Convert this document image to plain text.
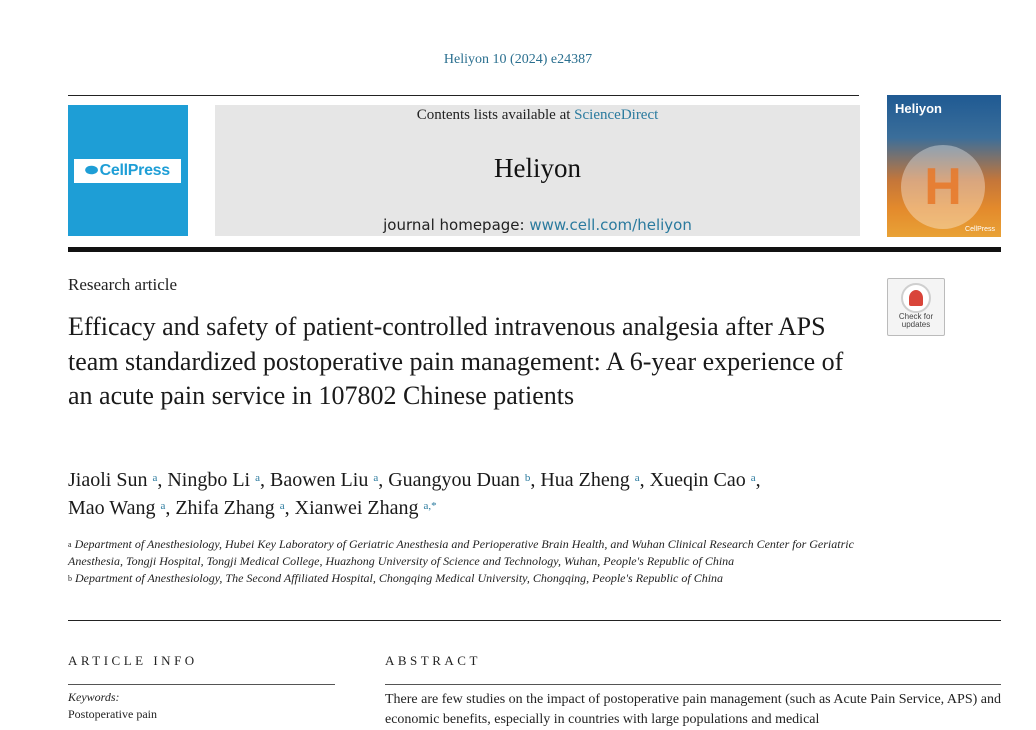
Heliyon 10 (2024) e24387
⬬ CellPress
Contents lists available at ScienceDirect
Heliyon
journal homepage: www.cell.com/heliyon
Heliyon
H
CellPress
Research article
Check for
updates
Efficacy and safety of patient-controlled intravenous analgesia after APS team standardized postoperative pain management: A 6-year experience of an acute pain service in 107802 Chinese patients
Jiaoli Sun $^a$, Ningbo Li $^a$, Baowen Liu $^a$, Guangyou Duan $^b$, Hua Zheng $^a$, Xueqin Cao $^a$,
Mao Wang $^a$, Zhifa Zhang $^a$, Xianwei Zhang $^{a,*}$
$^a$ Department of Anesthesiology, Hubei Key Laboratory of Geriatric Anesthesia and Perioperative Brain Health, and Wuhan Clinical Research Center for Geriatric Anesthesia, Tongji Hospital, Tongji Medical College, Huazhong University of Science and Technology, Wuhan, People's Republic of China
$^b$ Department of Anesthesiology, The Second Affiliated Hospital, Chongqing Medical University, Chongqing, People's Republic of China
ARTICLE INFO	ABSTRACT
Keywords:
Postoperative pain
There are few studies on the impact of postoperative pain management (such as Acute Pain Service, APS) and economic benefits, especially in countries with large populations and medical
